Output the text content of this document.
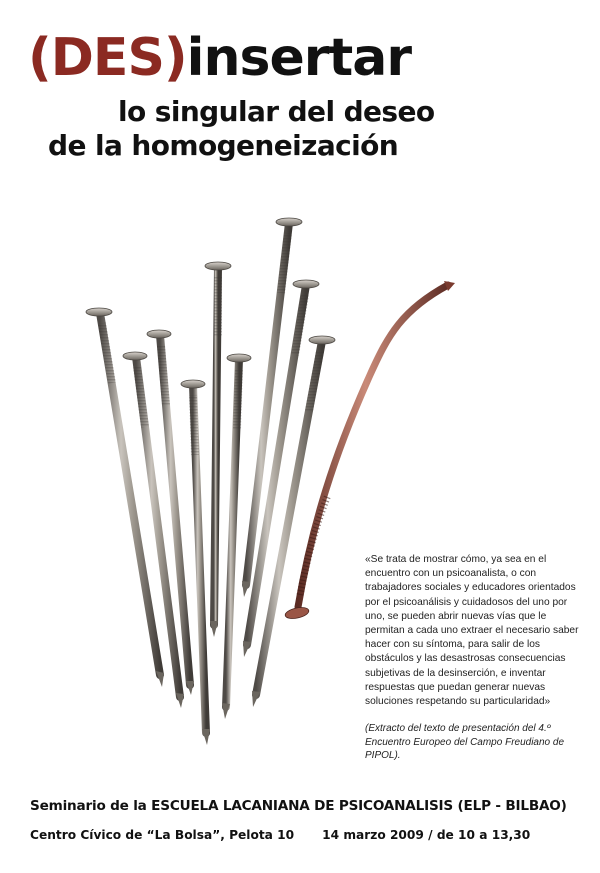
(DES)insertar
lo singular del deseo
de la homogeneización
«Se trata de mostrar cómo, ya sea en el encuentro con un psicoanalista, o con trabajadores sociales y educadores orientados por el psicoanálisis y cuidadosos del uno por uno, se pueden abrir nuevas vías que le permitan a cada uno extraer el necesario saber hacer con su síntoma, para salir de los obstáculos y las desastrosas consecuencias subjetivas de la desinserción, e inventar respuestas que puedan generar nuevas soluciones respetando su particularidad»
(Extracto del texto de presentación del 4.º Encuentro Europeo del Campo Freudiano de PIPOL).
Seminario de la ESCUELA LACANIANA DE PSICOANALISIS (ELP - BILBAO)
Centro Cívico de “La Bolsa”, Pelota 10 14 marzo 2009 / de 10 a 13,30
